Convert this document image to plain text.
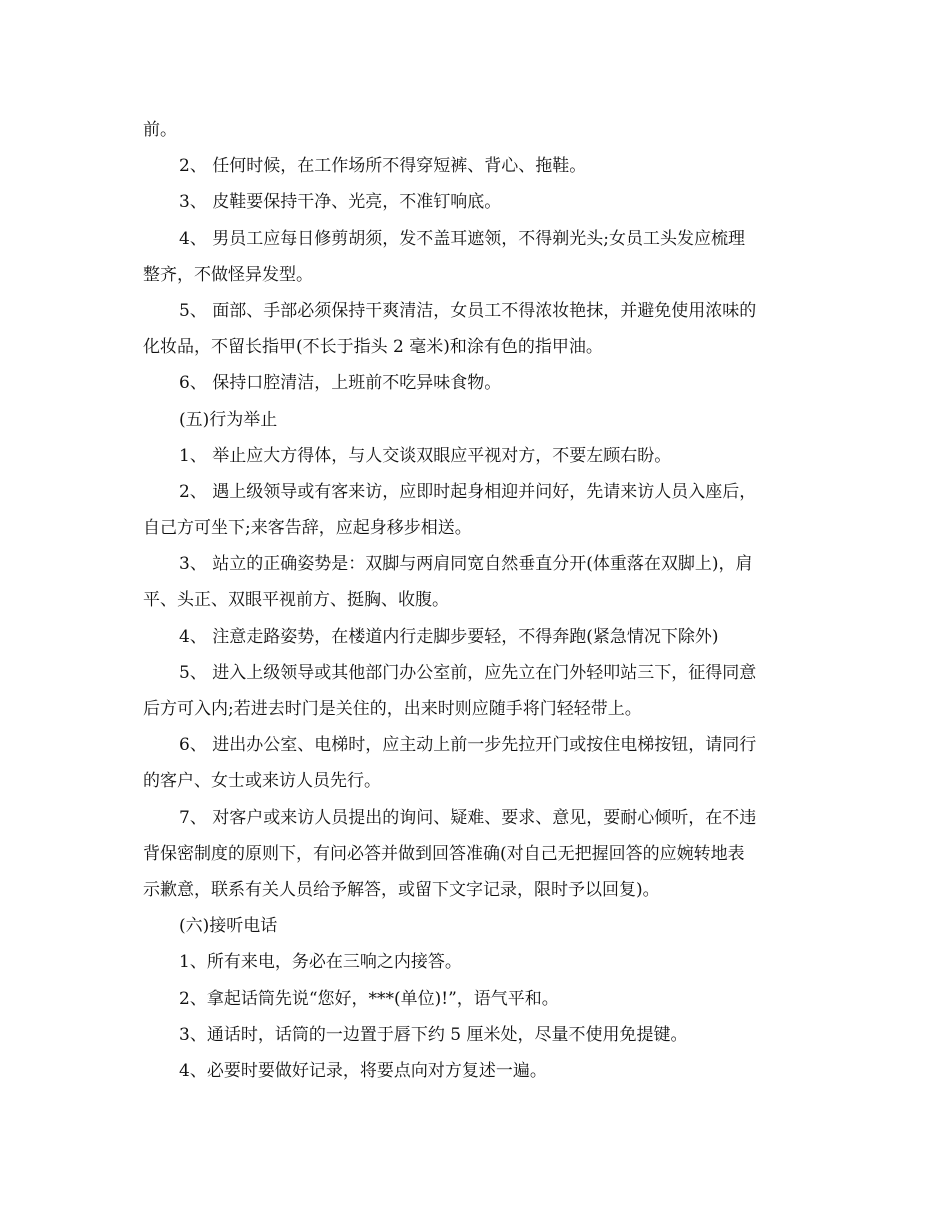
前。
2、 任何时候，在工作场所不得穿短裤、背心、拖鞋。
3、 皮鞋要保持干净、光亮，不准钉响底。
4、 男员工应每日修剪胡须，发不盖耳遮领，不得剃光头;女员工头发应梳理
整齐，不做怪异发型。
5、 面部、手部必须保持干爽清洁，女员工不得浓妆艳抹，并避免使用浓味的
化妆品，不留长指甲(不长于指头 2 毫米)和涂有色的指甲油。
6、 保持口腔清洁，上班前不吃异味食物。
(五)行为举止
1、 举止应大方得体，与人交谈双眼应平视对方，不要左顾右盼。
2、 遇上级领导或有客来访，应即时起身相迎并问好，先请来访人员入座后，
自己方可坐下;来客告辞，应起身移步相送。
3、 站立的正确姿势是：双脚与两肩同宽自然垂直分开(体重落在双脚上)，肩
平、头正、双眼平视前方、挺胸、收腹。
4、 注意走路姿势，在楼道内行走脚步要轻，不得奔跑(紧急情况下除外)
5、 进入上级领导或其他部门办公室前，应先立在门外轻叩站三下，征得同意
后方可入内;若进去时门是关住的，出来时则应随手将门轻轻带上。
6、 进出办公室、电梯时，应主动上前一步先拉开门或按住电梯按钮，请同行
的客户、女士或来访人员先行。
7、 对客户或来访人员提出的询问、疑难、要求、意见，要耐心倾听，在不违
背保密制度的原则下，有问必答并做到回答准确(对自己无把握回答的应婉转地表
示歉意，联系有关人员给予解答，或留下文字记录，限时予以回复)。
(六)接听电话
1、所有来电，务必在三响之内接答。
2、拿起话筒先说“您好，***(单位)!”，语气平和。
3、通话时，话筒的一边置于唇下约 5 厘米处，尽量不使用免提键。
4、必要时要做好记录，将要点向对方复述一遍。
